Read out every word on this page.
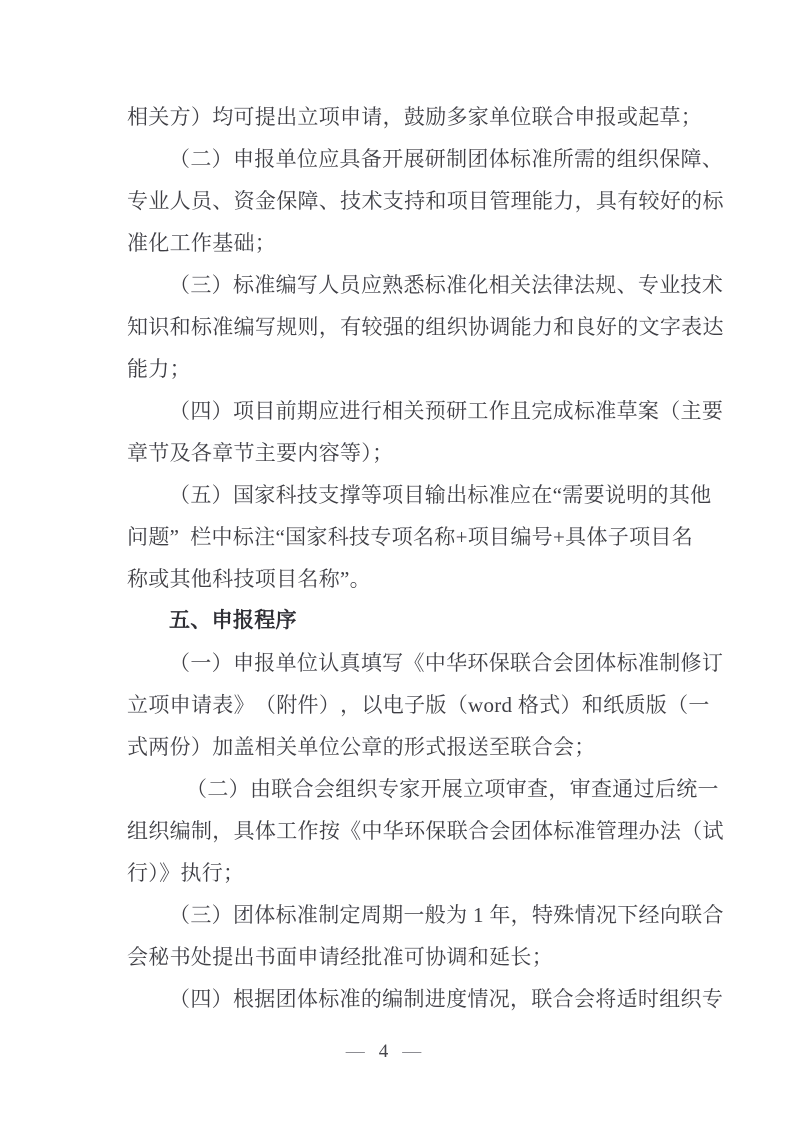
相关方）均可提出立项申请，鼓励多家单位联合申报或起草；
（ 二 ） 申 报 单 位 应 具 备 开 展 研 制 团 体 标 准 所 需 的 组 织 保 障 、
专 业 人 员 、 资 金 保 障 、 技 术 支 持 和 项 目 管 理 能 力 ， 具 有 较 好 的 标
准化工作基础；
（ 三 ） 标 准 编 写 人 员 应 熟 悉 标 准 化 相 关 法 律 法 规 、 专 业 技 术
知 识 和 标 准 编 写 规 则 ， 有 较 强 的 组 织 协 调 能 力 和 良 好 的 文 字 表 达
能力；
（ 四 ） 项 目 前 期 应 进 行 相 关 预 研 工 作 且 完 成 标 准 草 案 （ 主 要
章节及各章节主要内容等）；
（ 五 ） 国 家 科 技 支 撑 等 项 目 输 出 标 准 应 在 “ 需 要 说 明 的 其 他
问 题 ”
栏 中 标 注 “ 国 家 科 技 专 项 名 称 + 项 目 编 号 + 具 体 子 项 目 名
称或其他科技项目名称”。
五、申报程序
（ 一 ） 申 报 单 位 认 真 填 写 《 中 华 环 保 联 合 会 团 体 标 准 制 修 订
立 项 申 请 表 》 （ 附 件 ） ， 以 电 子 版 （ word
格 式 ） 和 纸 质 版 （ 一
式两份）加盖相关单位公章的形式报送至联合会；
（ 二 ） 由 联 合 会 组 织 专 家 开 展 立 项 审 查 ， 审 查 通 过 后 统 一
组 织 编 制 ， 具 体 工 作 按 《 中 华 环 保 联 合 会 团 体 标 准 管 理 办 法 （ 试
行）》执行；
（ 三 ） 团 体 标 准 制 定 周 期 一 般 为
1
年 ， 特 殊 情 况 下 经 向 联 合
会秘书处提出书面申请经批准可协调和延长；
（ 四 ） 根 据 团 体 标 准 的 编 制 进 度 情 况 ， 联 合 会 将 适 时 组 织 专
— 4 —
